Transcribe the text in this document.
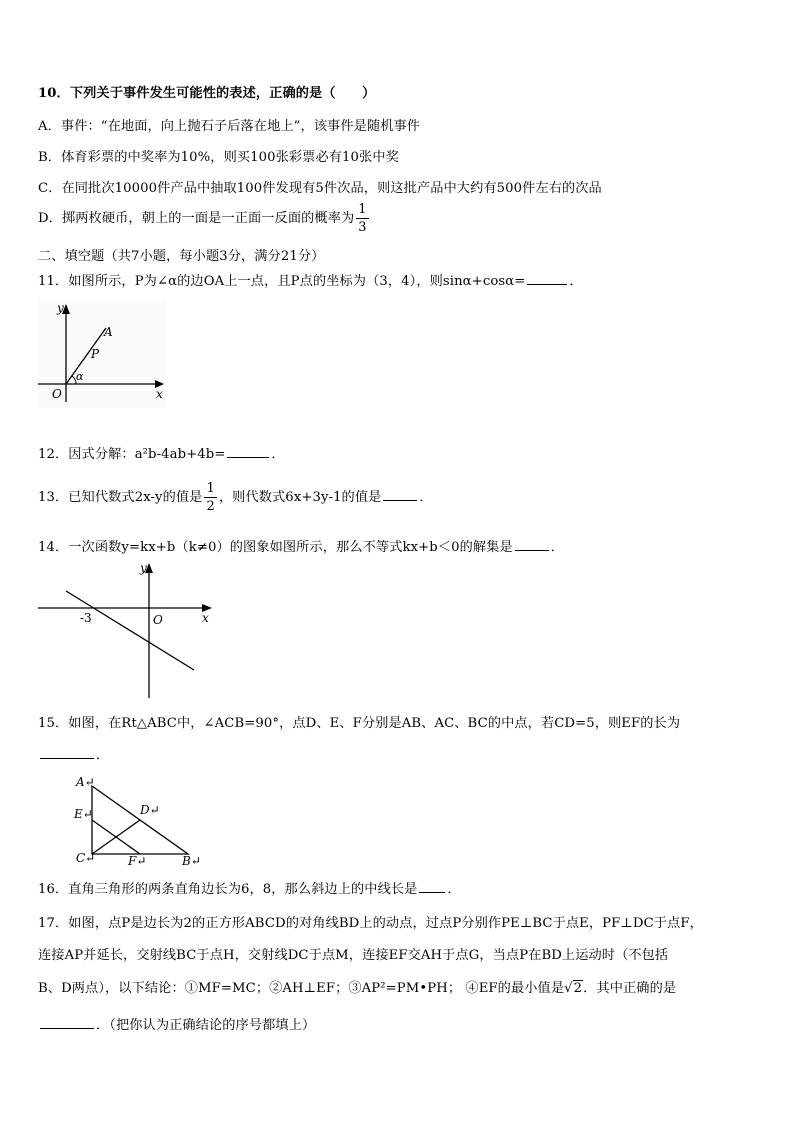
10．下列关于事件发生可能性的表述，正确的是（　　）
A．事件：“在地面，向上抛石子后落在地上”，该事件是随机事件
B．体育彩票的中奖率为10%，则买100张彩票必有10张中奖
C．在同批次10000件产品中抽取100件发现有5件次品，则这批产品中大约有500件左右的次品
D．掷两枚硬币，朝上的一面是一正面一反面的概率为 $\frac{1}{3}$
二、填空题（共7小题，每小题3分，满分21分）
11．如图所示，P为∠α的边OA上一点，且P点的坐标为（3，4），则sinα+cosα=	．
y
x
O
A
P
α
12．因式分解：a²b-4ab+4b=	．
13．已知代数式2x-y的值是 $\frac{1}{2}$ ，则代数式6x+3y-1的值是	．
14．一次函数y=kx+b（k≠0）的图象如图所示，那么不等式kx+b＜0的解集是	．
y
x
O
-3
15．如图，在Rt△ABC中，∠ACB=90°，点D、E、F分别是AB、AC、BC的中点，若CD=5，则EF的长为
．
A↵
D↵
E↵
C↵	F↵	B↵
16．直角三角形的两条直角边长为6，8，那么斜边上的中线长是 ．
17．如图，点P是边长为2的正方形ABCD的对角线BD上的动点，过点P分别作PE⊥BC于点E，PF⊥DC于点F，
连接AP并延长，交射线BC于点H，交射线DC于点M，连接EF交AH于点G，当点P在BD上运动时（不包括
B、D两点），以下结论：①MF=MC；②AH⊥EF；③AP²=PM•PH； ④EF的最小值是√2．其中正确的是
．（把你认为正确结论的序号都填上）
